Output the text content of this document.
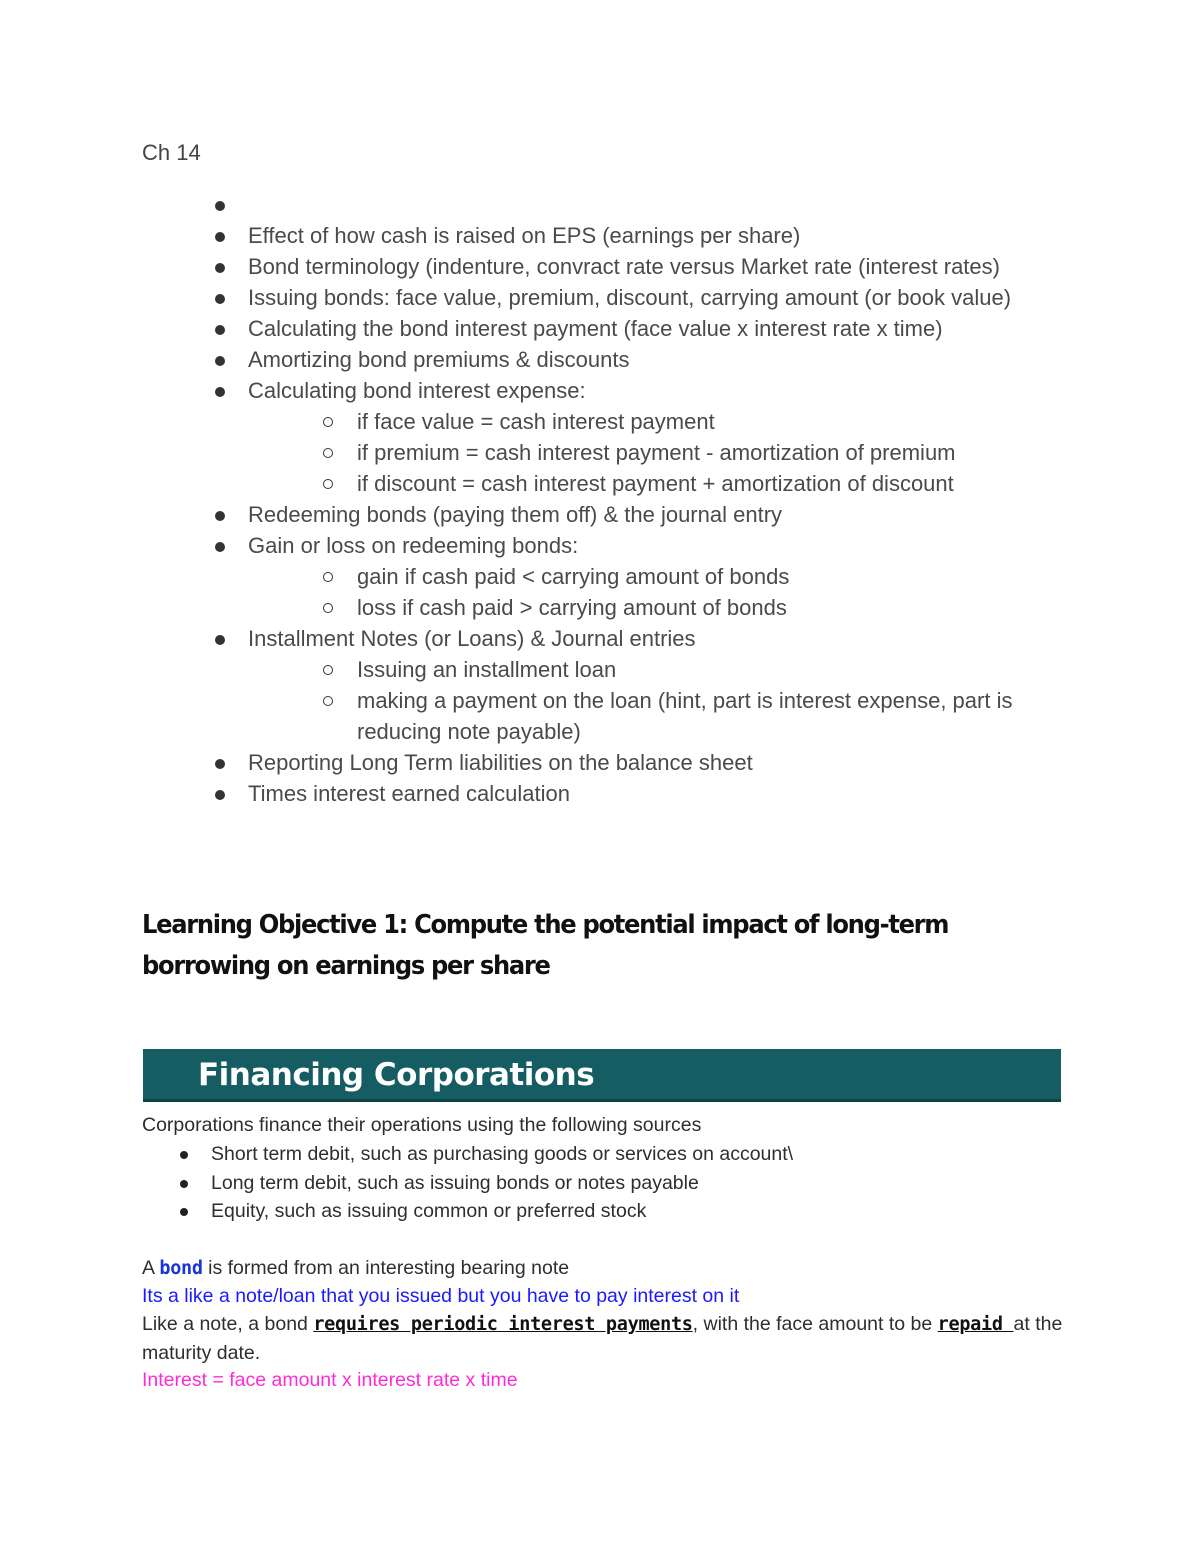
Ch 14

Effect of how cash is raised on EPS (earnings per share)
Bond terminology (indenture, convract rate versus Market rate (interest rates)
Issuing bonds: face value, premium, discount, carrying amount (or book value)
Calculating the bond interest payment (face value x interest rate x time)
Amortizing bond premiums & discounts
Calculating bond interest expense:
if face value = cash interest payment
if premium = cash interest payment - amortization of premium
if discount = cash interest payment + amortization of discount
Redeeming bonds (paying them off) & the journal entry
Gain or loss on redeeming bonds:
gain if cash paid < carrying amount of bonds
loss if cash paid > carrying amount of bonds
Installment Notes (or Loans) & Journal entries
Issuing an installment loan
making a payment on the loan (hint, part is interest expense, part is reducing note payable)
Reporting Long Term liabilities on the balance sheet
Times interest earned calculation
Learning Objective 1: Compute the potential impact of long-term borrowing on earnings per share
Financing Corporations

Corporations finance their operations using the following sources

Short term debit, such as purchasing goods or services on account\
Long term debit, such as issuing bonds or notes payable
Equity, such as issuing common or preferred stock

A bond is formed from an interesting bearing note

Its a like a note/loan that you issued but you have to pay interest on it

Like a note, a bond requires periodic interest payments, with the face amount to be repaid at the maturity date.

Interest = face amount x interest rate x time
